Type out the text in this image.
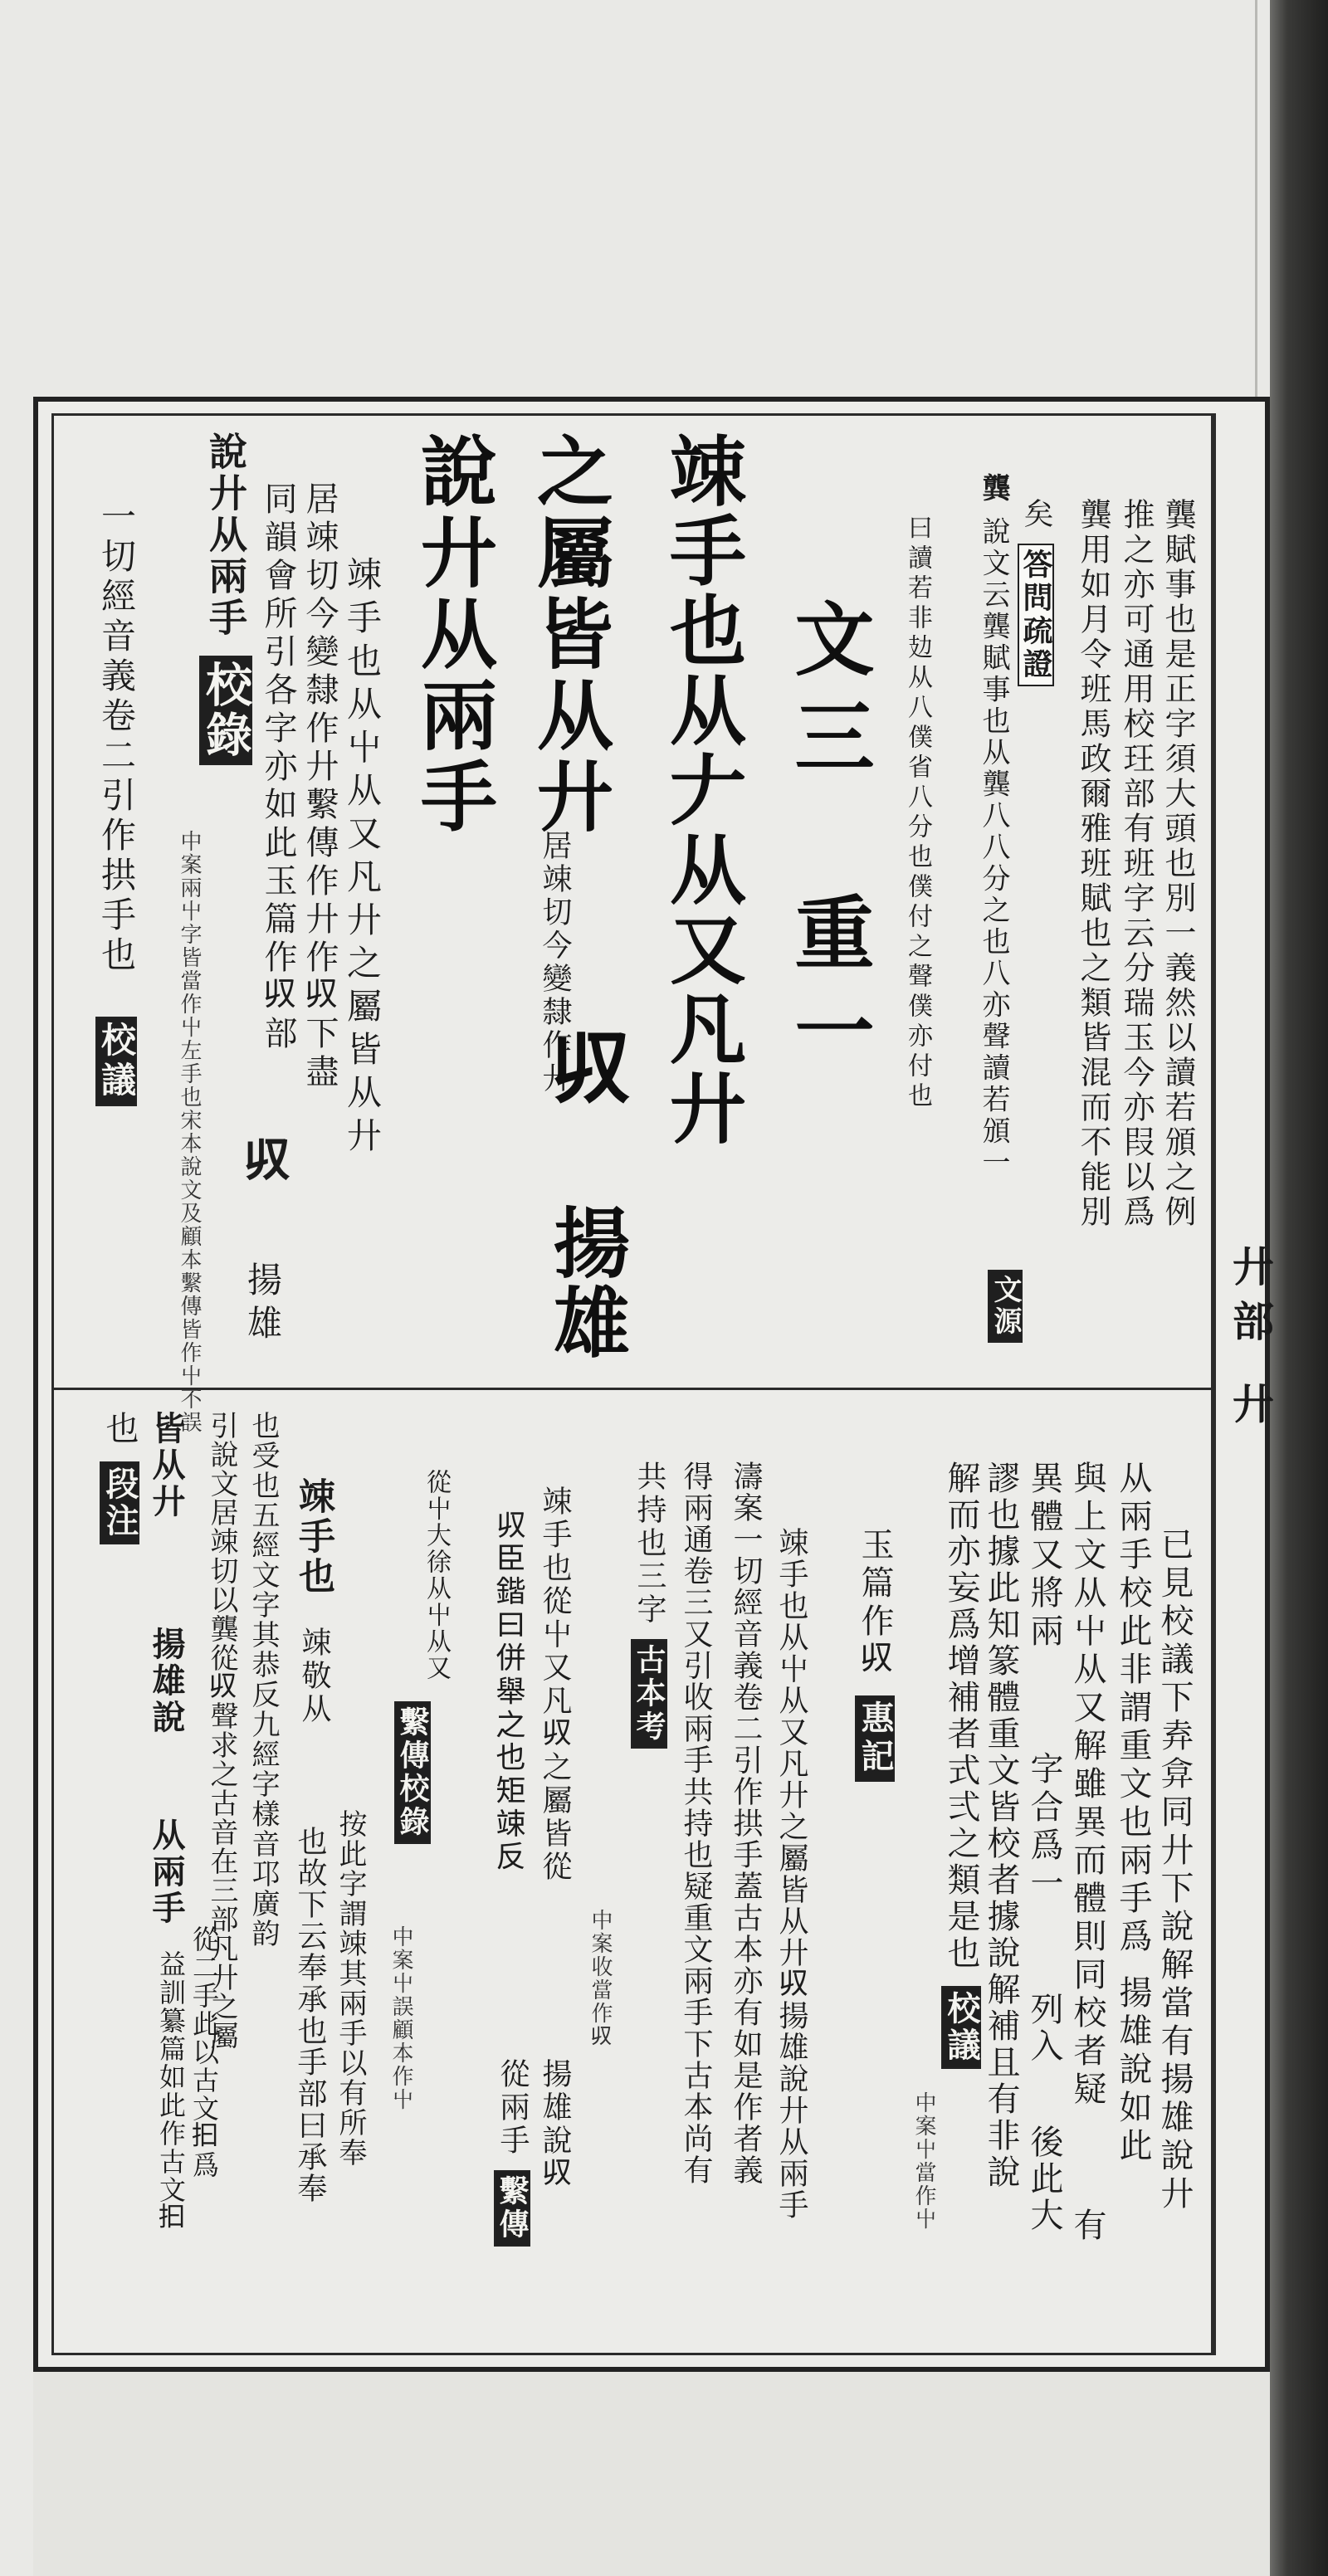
廾部 廾
龔賦事也是正字須大頭也別一義然以讀若頒之例
推之亦可通用校玨部有班字云分瑞玉今亦叚以爲
龔用如月令班馬政爾雅班賦也之類皆混而不能別
矣 答問疏證
龔 說文云龔賦事也从龔八八分之也八亦聲讀若頒一
文源
曰讀若非攰从八僕省八分也僕付之聲僕亦付也
文三　重一
竦手也从𠂇从又凡廾
之屬皆从廾
居竦切今變隸作廾
𠬞
揚雄
說廾从兩手
竦手也从屮从又凡廾之屬皆从廾
居竦切今變隸作廾繫傳作廾作𠬞下盡
同韻會所引各字亦如此玉篇作𠬞部
揚雄
𠬞
說廾从兩手 校錄
中案兩屮字皆當作屮左手也宋本說文及顧本繫傳皆作屮不誤
一切經音義卷二引作拱手也 校議
已見校議下弆弇同廾下說解當有揚雄說廾
从兩手校此非謂重文也兩手爲
揚雄說如此
與上文从屮从又解雖異而體則同校者疑
有
異體又將兩
字合爲一
列入
後此大
謬也據此知篆體重文皆校者據說解補且有非說
解而亦妄爲增補者式弍之類是也 校議
中案屮當作屮
玉篇作𠬞 惠記
竦手也从屮从又凡廾之屬皆从廾𠬞揚雄說廾从兩手
濤案一切經音義卷二引作拱手蓋古本亦有如是作者義
得兩通卷三又引收兩手共持也疑重文兩手下古本尚有
共持也三字 古本考
中案收當作𠬞
竦手也從屮又凡𠬞之屬皆從
揚雄說𠬞
𠬞臣鍇曰併舉之也矩竦反
從兩手 繫傳
從屮大徐从屮从又
繫傳校錄
中案屮誤顧本作屮
竦手也
竦敬从
也故下云奉承也手部曰承奉
也受也五經文字其恭反九經字樣音邛廣韵
按此字謂竦其兩手以有所奉
引說文居竦切以龔從𠬞聲求之古音在三部凡廾之屬
皆从廾
揚雄說
从兩手
從二手此以古文𢪏爲
益訓纂篇如此作古文𢪏
也 段注
